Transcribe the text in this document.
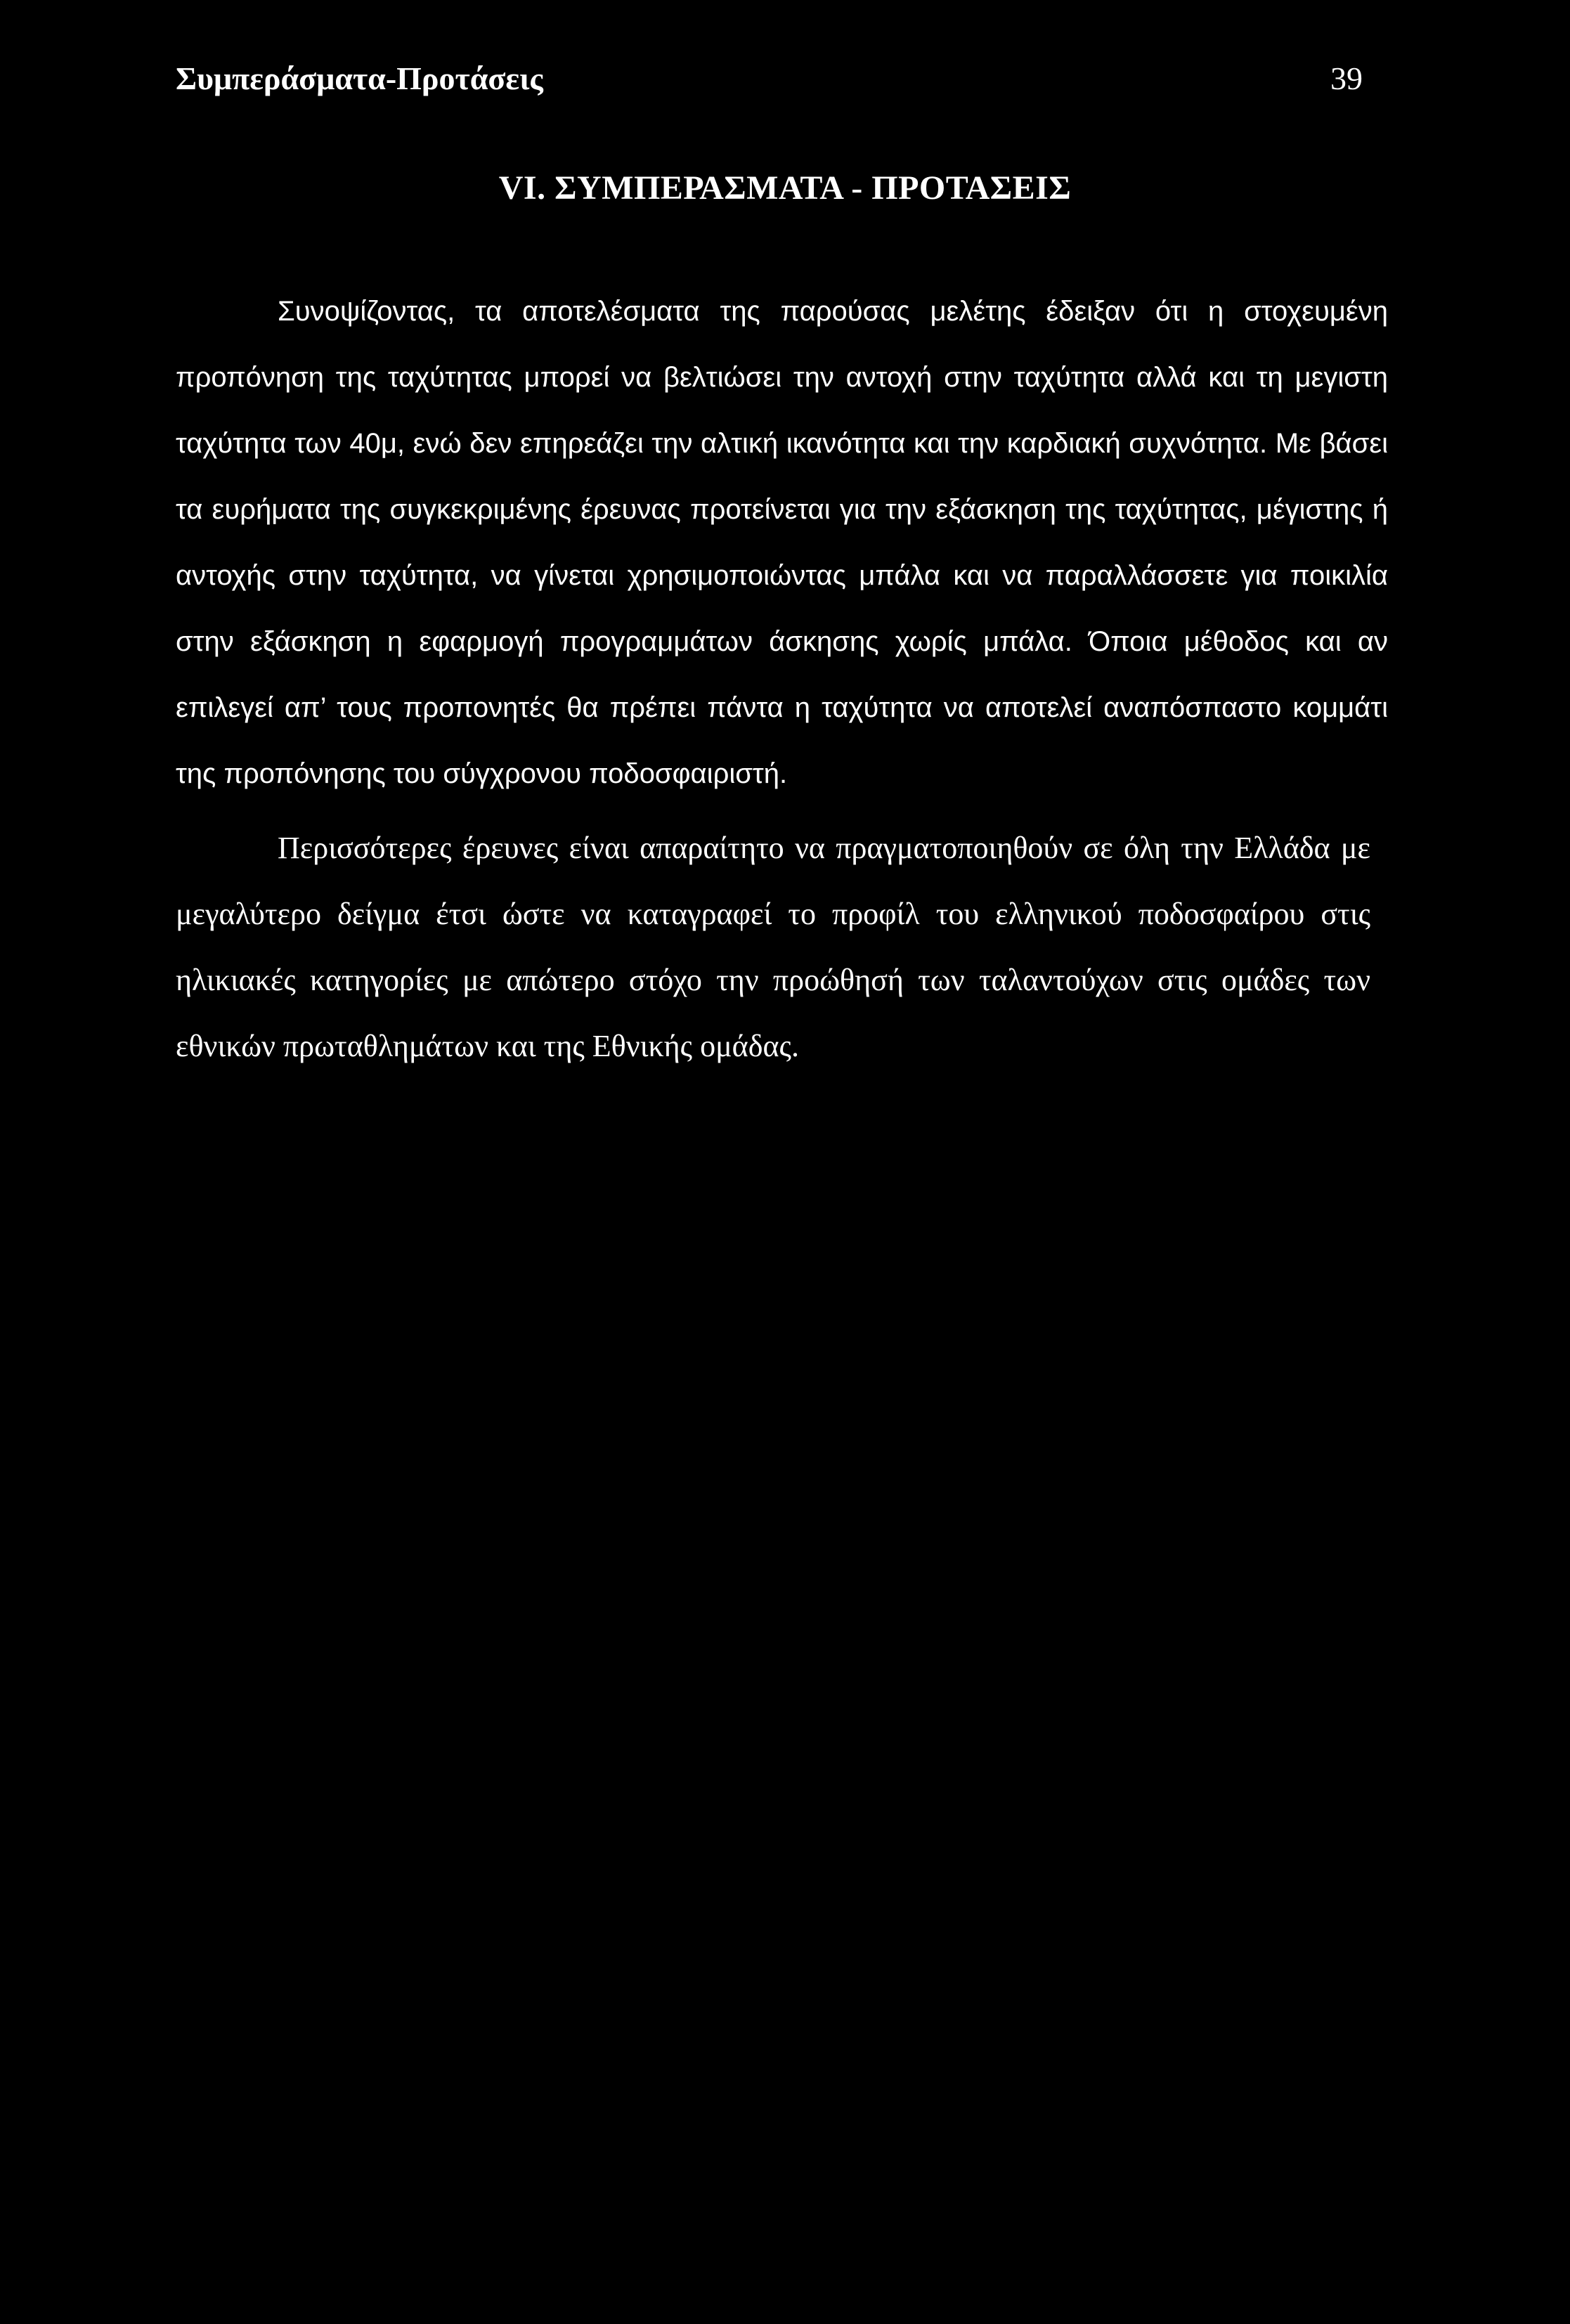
Συμπεράσματα-Προτάσεις	39
VI. ΣΥΜΠΕΡΑΣΜΑΤΑ - ΠΡΟΤΑΣΕΙΣ

Συνοψίζοντας, τα αποτελέσματα της παρούσας μελέτης έδειξαν ότι η στοχευμένη προπόνηση της ταχύτητας μπορεί να βελτιώσει την αντοχή στην ταχύτητα αλλά και τη μεγιστη ταχύτητα των 40μ, ενώ δεν επηρεάζει την αλτική ικανότητα και την καρδιακή συχνότητα. Με βάσει τα ευρήματα της συγκεκριμένης έρευνας προτείνεται για την εξάσκηση της ταχύτητας, μέγιστης ή αντοχής στην ταχύτητα, να γίνεται χρησιμοποιώντας μπάλα και να παραλλάσσετε για ποικιλία στην εξάσκηση η εφαρμογή προγραμμάτων άσκησης χωρίς μπάλα. Όποια μέθοδος και αν επιλεγεί απ’ τους προπονητές θα πρέπει πάντα η ταχύτητα να αποτελεί αναπόσπαστο κομμάτι της προπόνησης του σύγχρονου ποδοσφαιριστή.

Περισσότερες έρευνες είναι απαραίτητο να πραγματοποιηθούν σε όλη την Ελλάδα με μεγαλύτερο δείγμα έτσι ώστε να καταγραφεί το προφίλ του ελληνικού ποδοσφαίρου στις ηλικιακές κατηγορίες με απώτερο στόχο την προώθησή των ταλαντούχων στις ομάδες των εθνικών πρωταθλημάτων και της Εθνικής ομάδας.
